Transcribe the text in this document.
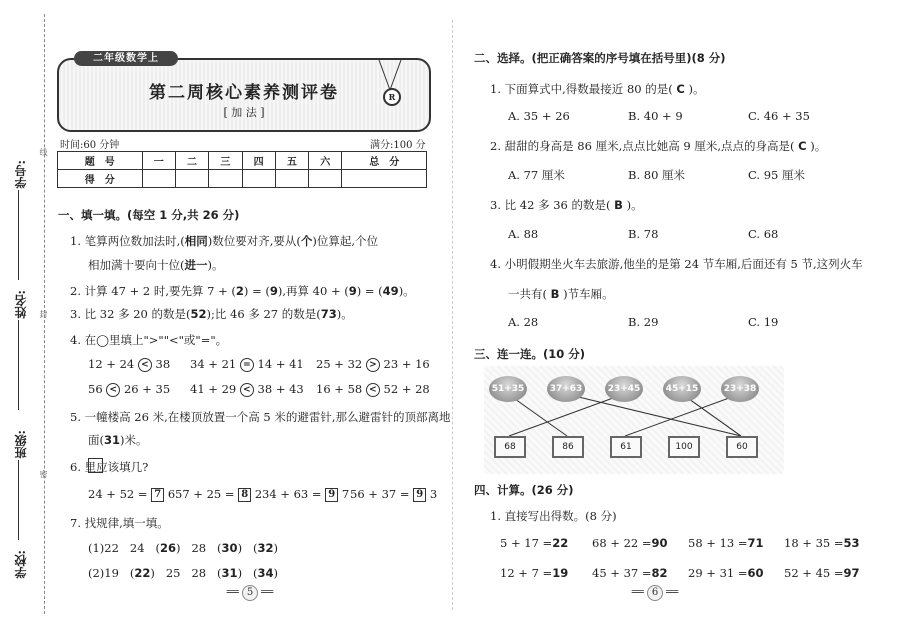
学号:
姓名:
班级:
学校:
线
封
密
第二周核心素养测评卷
[ 加 法 ]
二年级数学上
R
时间:60 分钟	满分:100 分
题　号	一	二	三	四	五	六	总　分
得　分							
一、填一填。(每空 1 分,共 26 分)
1. 笔算两位数加法时,(相同)数位要对齐,要从(个)位算起,个位
相加满十要向十位(进一)。
2. 计算 47 + 2 时,要先算 7 + (2) = (9),再算 40 + (9) = (49)。
3. 比 32 多 20 的数是(52);比 46 多 27 的数是(73)。
4. 在◯里填上">""<"或"="。
12 + 24 < 38 34 + 21 = 14 + 41 25 + 32 > 23 + 16
56 < 26 + 35 41 + 29 < 38 + 43 16 + 58 < 52 + 28
5. 一幢楼高 26 米,在楼顶放置一个高 5 米的避雷针,那么避雷针的顶部离地
面(31)米。
6. 里应该填几?
24 + 52 = 7 6 57 + 25 = 8 2 34 + 63 = 9 7 56 + 37 = 9 3
7. 找规律,填一填。
(1)22   24   (26)   28   (30)   (32)
(2)19   (22)   25   28   (31)   (34)
══ 5 ══
二、选择。(把正确答案的序号填在括号里)(8 分)
1. 下面算式中,得数最接近 80 的是( C )。
A. 35 + 26	B. 40 + 9	C. 46 + 35
2. 甜甜的身高是 86 厘米,点点比她高 9 厘米,点点的身高是( C )。
A. 77 厘米	B. 80 厘米	C. 95 厘米
3. 比 42 多 36 的数是( B )。
A. 88	B. 78	C. 68
4. 小明假期坐火车去旅游,他坐的是第 24 节车厢,后面还有 5 节,这列火车
一共有( B )节车厢。
A. 28	B. 29	C. 19
三、连一连。(10 分)
51+35	37+63	23+45	45+15	23+38
68	86	61	100	60
四、计算。(26 分)
1. 直接写出得数。(8 分)
5 + 17 =22 68 + 22 =90 58 + 13 =71 18 + 35 =53
12 + 7 =19 45 + 37 =82 29 + 31 =60 52 + 45 =97
══ 6 ══
